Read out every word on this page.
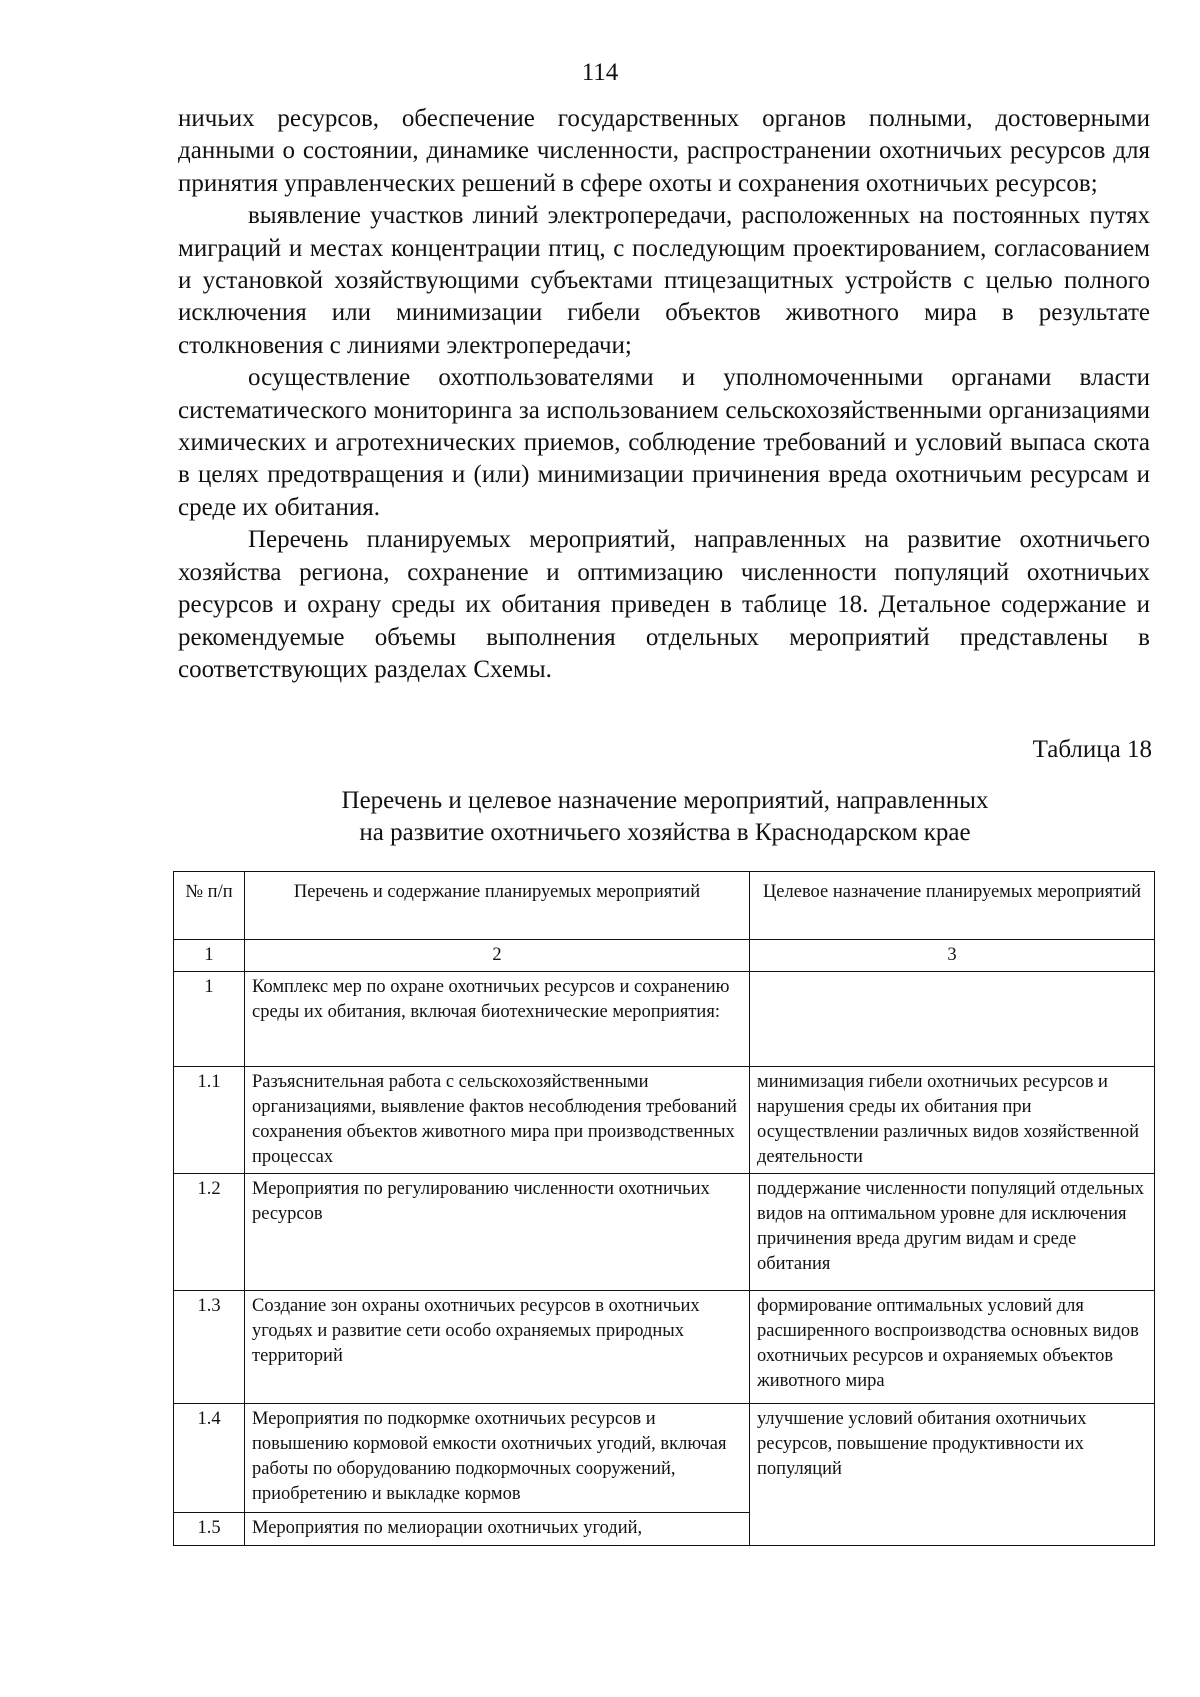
114

ничьих ресурсов, обеспечение государственных органов полными, достоверными данными о состоянии, динамике численности, распространении охотничьих ресурсов для принятия управленческих решений в сфере охоты и сохранения охотничьих ресурсов;

выявление участков линий электропередачи, расположенных на постоянных путях миграций и местах концентрации птиц, с последующим проектированием, согласованием и установкой хозяйствующими субъектами птицезащитных устройств с целью полного исключения или минимизации гибели объектов животного мира в результате столкновения с линиями электропередачи;

осуществление охотпользователями и уполномоченными органами власти систематического мониторинга за использованием сельскохозяйственными организациями химических и агротехнических приемов, соблюдение требований и условий выпаса скота в целях предотвращения и (или) минимизации причинения вреда охотничьим ресурсам и среде их обитания.

Перечень планируемых мероприятий, направленных на развитие охотничьего хозяйства региона, сохранение и оптимизацию численности популяций охотничьих ресурсов и охрану среды их обитания приведен в таблице 18. Детальное содержание и рекомендуемые объемы выполнения отдельных мероприятий представлены в соответствующих разделах Схемы.

Таблица 18
Перечень и целевое назначение мероприятий, направленных
на развитие охотничьего хозяйства в Краснодарском крае
№ п/п	Перечень и содержание планируемых мероприятий	Целевое назначение планируемых мероприятий
1	2	3
1	Комплекс мер по охране охотничьих ресурсов и сохранению среды их обитания, включая биотехнические мероприятия:	
1.1	Разъяснительная работа с сельскохозяйственными организациями, выявление фактов несоблюдения требований сохранения объектов животного мира при производственных процессах	минимизация гибели охотничьих ресурсов и нарушения среды их обитания при осуществлении различных видов хозяйственной деятельности
1.2	Мероприятия по регулированию численности охотничьих ресурсов	поддержание численности популяций отдельных видов на оптимальном уровне для исключения причинения вреда другим видам и среде обитания
1.3	Создание зон охраны охотничьих ресурсов в охотничьих угодьях и развитие сети особо охраняемых природных территорий	формирование оптимальных условий для расширенного воспроизводства основных видов охотничьих ресурсов и охраняемых объектов животного мира
1.4	Мероприятия по подкормке охотничьих ресурсов и повышению кормовой емкости охотничьих угодий, включая работы по оборудованию подкормочных сооружений, приобретению и выкладке кормов	улучшение условий обитания охотничьих ресурсов, повышение продуктивности их популяций
1.5	Мероприятия по мелиорации охотничьих угодий,	
